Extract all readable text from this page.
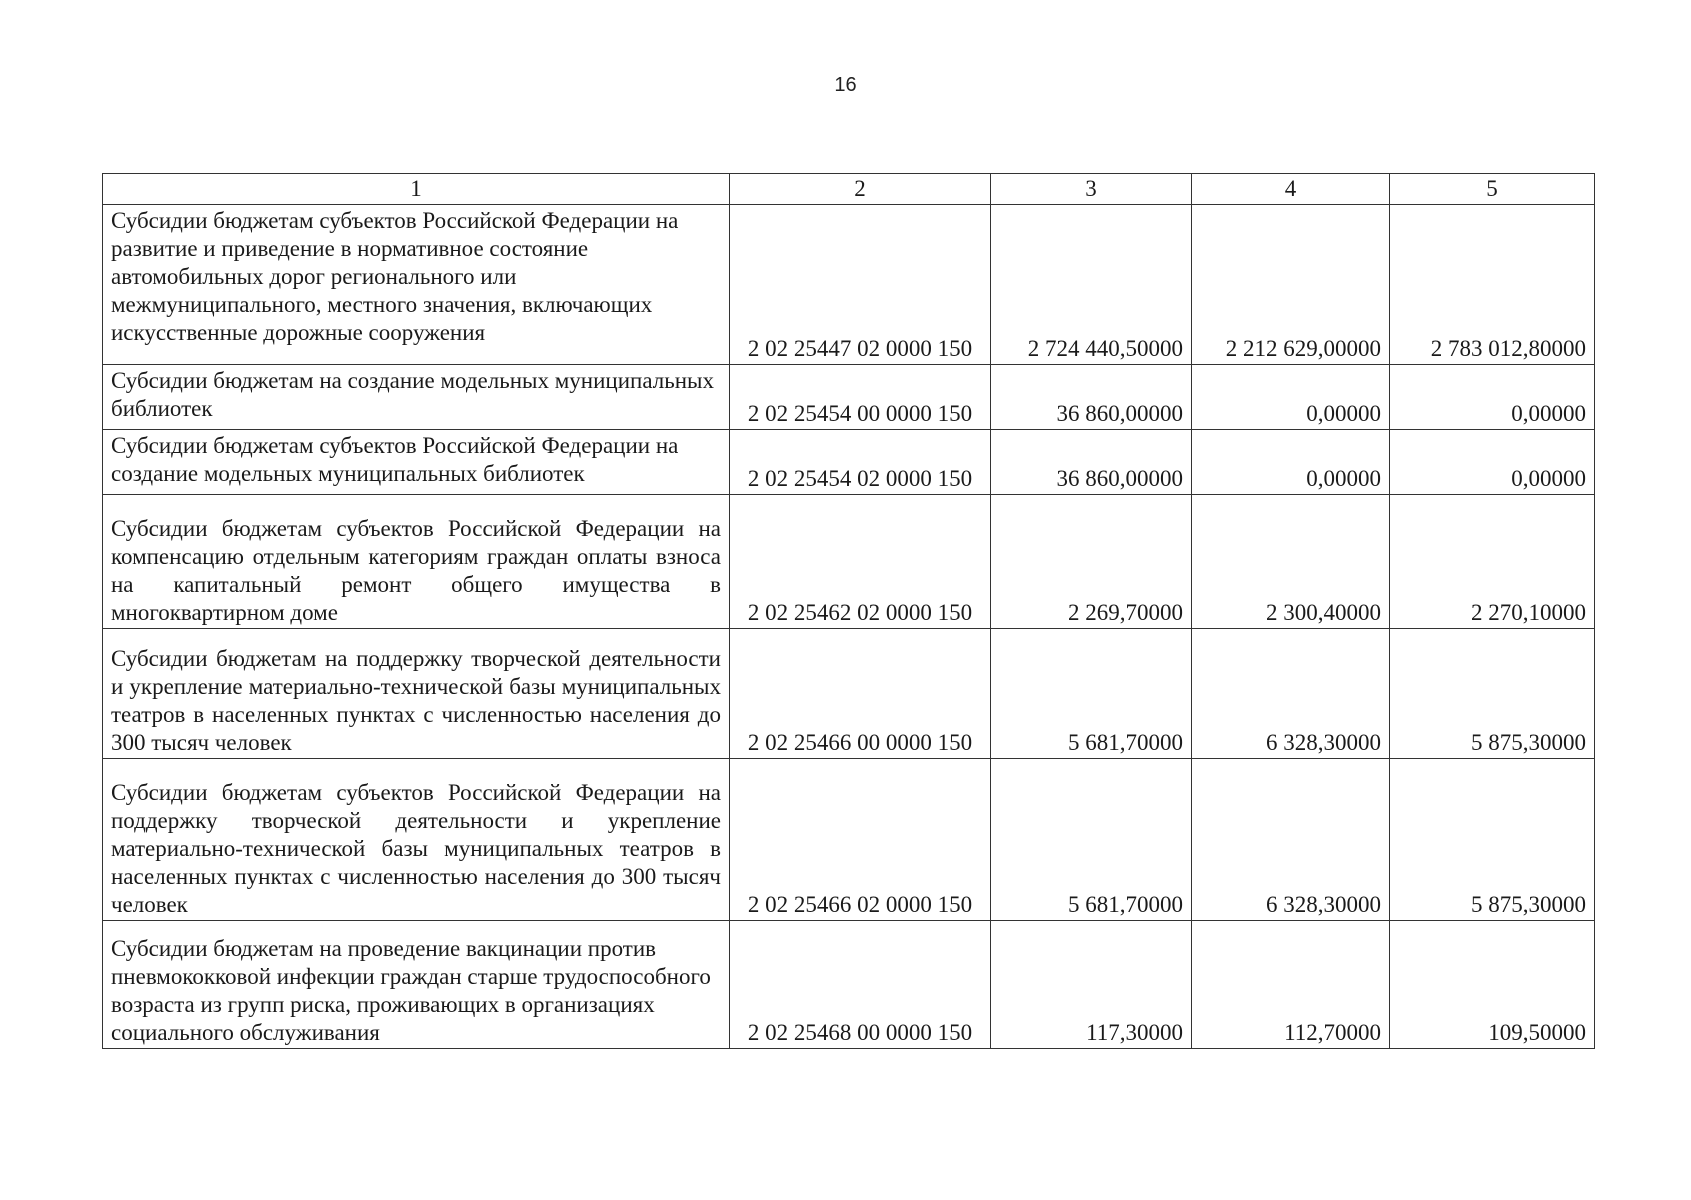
16
1	2	3	4	5
Субсидии бюджетам субъектов Российской Федерации на развитие и приведение в нормативное состояние автомобильных дорог регионального или межмуниципального, местного значения, включающих искусственные дорожные сооружения	2 02 25447 02 0000 150	2 724 440,50000	2 212 629,00000	2 783 012,80000
Субсидии бюджетам на создание модельных муниципальных библиотек	2 02 25454 00 0000 150	36 860,00000	0,00000	0,00000
Субсидии бюджетам субъектов Российской Федерации на создание модельных муниципальных библиотек	2 02 25454 02 0000 150	36 860,00000	0,00000	0,00000
Субсидии бюджетам субъектов Российской Федерации на компенсацию отдельным категориям граждан оплаты взноса на капитальный ремонт общего имущества в многоквартирном доме	2 02 25462 02 0000 150	2 269,70000	2 300,40000	2 270,10000
Субсидии бюджетам на поддержку творческой деятельности и укрепление материально-технической базы муниципальных театров в населенных пунктах с численностью населения до 300 тысяч человек	2 02 25466 00 0000 150	5 681,70000	6 328,30000	5 875,30000
Субсидии бюджетам субъектов Российской Федерации на поддержку творческой деятельности и укрепление материально-технической базы муниципальных театров в населенных пунктах с численностью населения до 300 тысяч человек	2 02 25466 02 0000 150	5 681,70000	6 328,30000	5 875,30000
Субсидии бюджетам на проведение вакцинации против пневмококковой инфекции граждан старше трудоспособного возраста из групп риска, проживающих в организациях социального обслуживания	2 02 25468 00 0000 150	117,30000	112,70000	109,50000
